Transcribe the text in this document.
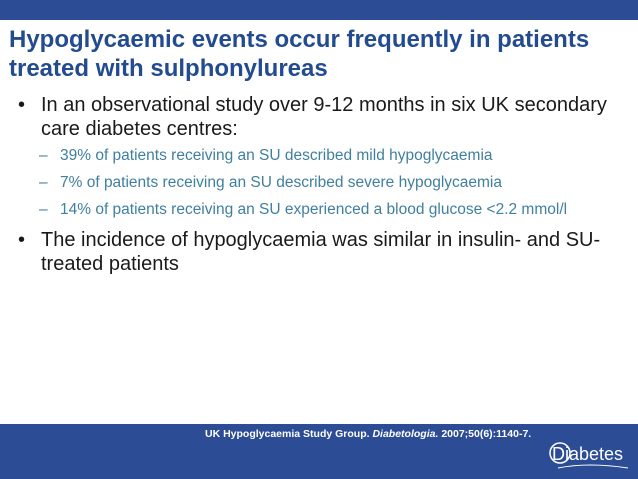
Hypoglycaemic events occur frequently in patients treated with sulphonylureas
• In an observational study over 9-12 months in six UK secondary care diabetes centres:
– 39% of patients receiving an SU described mild hypoglycaemia
– 7% of patients receiving an SU described severe hypoglycaemia
– 14% of patients receiving an SU experienced a blood glucose <2.2 mmol/l
• The incidence of hypoglycaemia was similar in insulin- and SU-treated patients
UK Hypoglycaemia Study Group. Diabetologia. 2007;50(6):1140-7.
Diabetes
